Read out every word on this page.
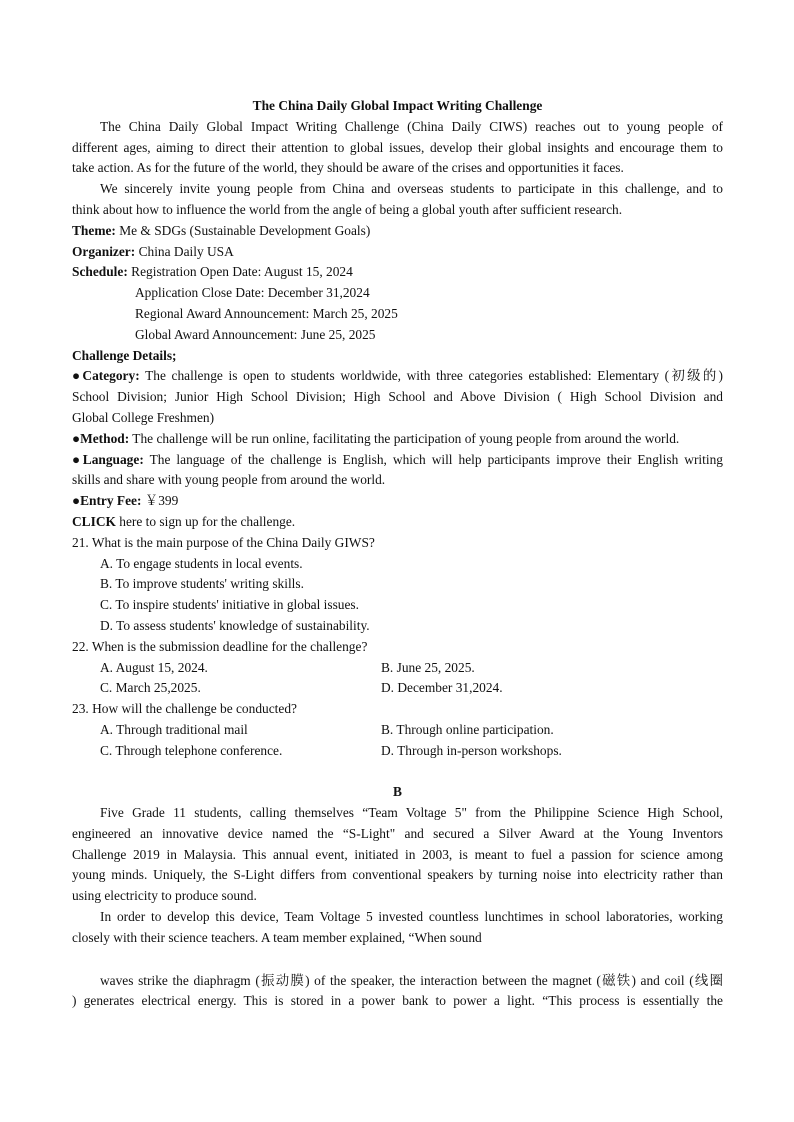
The China Daily Global Impact Writing Challenge
The China Daily Global Impact Writing Challenge (China Daily CIWS) reaches out to young people of
different ages, aiming to direct their attention to global issues, develop their global insights and encourage them to
take action. As for the future of the world, they should be aware of the crises and opportunities it faces.
We sincerely invite young people from China and overseas students to participate in this challenge, and to
think about how to influence the world from the angle of being a global youth after sufficient research.
Theme: Me & SDGs (Sustainable Development Goals)
Organizer: China Daily USA
Schedule: Registration Open Date: August 15, 2024
Application Close Date: December 31,2024
Regional Award Announcement: March 25, 2025
Global Award Announcement: June 25, 2025
Challenge Details;
●Category: The challenge is open to students worldwide, with three categories established: Elementary (初级的)
School Division; Junior High School Division; High School and Above Division ( High School Division and
Global College Freshmen)
●Method: The challenge will be run online, facilitating the participation of young people from around the world.
●Language: The language of the challenge is English, which will help participants improve their English writing
skills and share with young people from around the world.
●Entry Fee: ￥399
CLICK here to sign up for the challenge.
21. What is the main purpose of the China Daily GIWS?
A. To engage students in local events.
B. To improve students' writing skills.
C. To inspire students' initiative in global issues.
D. To assess students' knowledge of sustainability.
22. When is the submission deadline for the challenge?
A. August 15, 2024.	B. June 25, 2025.
C. March 25,2025.	D. December 31,2024.
23. How will the challenge be conducted?
A. Through traditional mail	B. Through online participation.
C. Through telephone conference.	D. Through in-person workshops.
B
Five Grade 11 students, calling themselves “Team Voltage 5" from the Philippine Science High School,
engineered an innovative device named the “S-Light" and secured a Silver Award at the Young Inventors
Challenge 2019 in Malaysia. This annual event, initiated in 2003, is meant to fuel a passion for science among
young minds. Uniquely, the S-Light differs from conventional speakers by turning noise into electricity rather than
using electricity to produce sound.
In order to develop this device, Team Voltage 5 invested countless lunchtimes in school laboratories, working
closely with their science teachers. A team member explained, “When sound
waves strike the diaphragm (振动膜) of the speaker, the interaction between the magnet (磁铁) and coil (线圈
) generates electrical energy. This is stored in a power bank to power a light. “This process is essentially the
